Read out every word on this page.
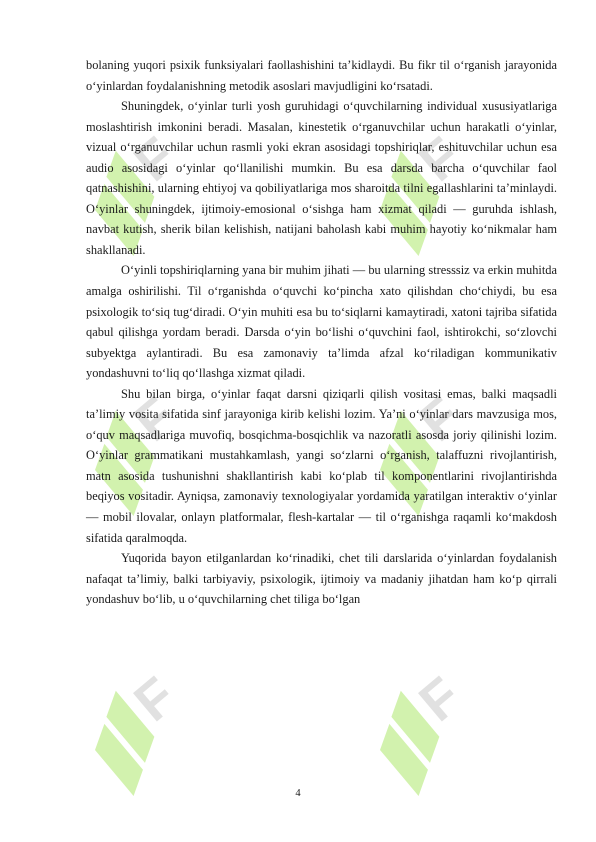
F	F
F	F
F	F

bolaning yuqori psixik funksiyalari faollashishini ta’kidlaydi. Bu fikr til o‘rganish jarayonida o‘yinlardan foydalanishning metodik asoslari mavjudligini ko‘rsatadi.

Shuningdek, o‘yinlar turli yosh guruhidagi o‘quvchilarning individual xususiyatlariga moslashtirish imkonini beradi. Masalan, kinestetik o‘rganuvchilar uchun harakatli o‘yinlar, vizual o‘rganuvchilar uchun rasmli yoki ekran asosidagi topshiriqlar, eshituvchilar uchun esa audio asosidagi o‘yinlar qo‘llanilishi mumkin. Bu esa darsda barcha o‘quvchilar faol qatnashishini, ularning ehtiyoj va qobiliyatlariga mos sharoitda tilni egallashlarini ta’minlaydi. O‘yinlar shuningdek, ijtimoiy-emosional o‘sishga ham xizmat qiladi — guruhda ishlash, navbat kutish, sherik bilan kelishish, natijani baholash kabi muhim hayotiy ko‘nikmalar ham shakllanadi.

O‘yinli topshiriqlarning yana bir muhim jihati — bu ularning stresssiz va erkin muhitda amalga oshirilishi. Til o‘rganishda o‘quvchi ko‘pincha xato qilishdan cho‘chiydi, bu esa psixologik to‘siq tug‘diradi. O‘yin muhiti esa bu to‘siqlarni kamaytiradi, xatoni tajriba sifatida qabul qilishga yordam beradi. Darsda o‘yin bo‘lishi o‘quvchini faol, ishtirokchi, so‘zlovchi subyektga aylantiradi. Bu esa zamonaviy ta’limda afzal ko‘riladigan kommunikativ yondashuvni to‘liq qo‘llashga xizmat qiladi.

Shu bilan birga, o‘yinlar faqat darsni qiziqarli qilish vositasi emas, balki maqsadli ta’limiy vosita sifatida sinf jarayoniga kirib kelishi lozim. Ya’ni o‘yinlar dars mavzusiga mos, o‘quv maqsadlariga muvofiq, bosqichma-bosqichlik va nazoratli asosda joriy qilinishi lozim. O‘yinlar grammatikani mustahkamlash, yangi so‘zlarni o‘rganish, talaffuzni rivojlantirish, matn asosida tushunishni shakllantirish kabi ko‘plab til komponentlarini rivojlantirishda beqiyos vositadir. Ayniqsa, zamonaviy texnologiyalar yordamida yaratilgan interaktiv o‘yinlar — mobil ilovalar, onlayn platformalar, flesh-kartalar — til o‘rganishga raqamli ko‘makdosh sifatida qaralmoqda.

Yuqorida bayon etilganlardan ko‘rinadiki, chet tili darslarida o‘yinlardan foydalanish nafaqat ta’limiy, balki tarbiyaviy, psixologik, ijtimoiy va madaniy jihatdan ham ko‘p qirrali yondashuv bo‘lib, u o‘quvchilarning chet tiliga bo‘lgan

4
